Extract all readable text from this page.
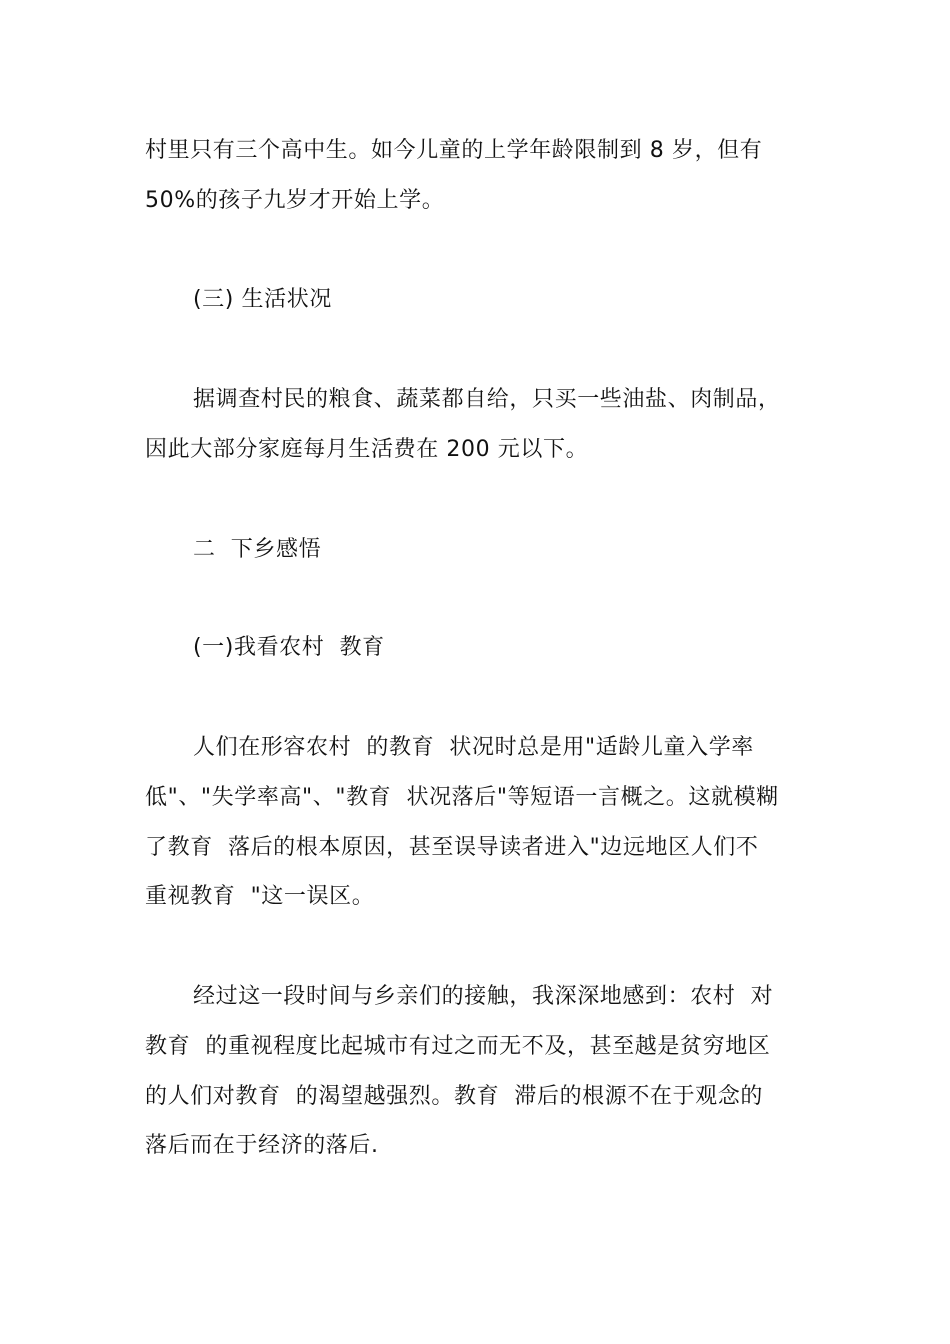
村里只有三个高中生。如今儿童的上学年龄限制到 8 岁，但有
50%的孩子九岁才开始上学。
(三) 生活状况
据调查村民的粮食、蔬菜都自给，只买一些油盐、肉制品，
因此大部分家庭每月生活费在 200 元以下。
二  下乡感悟
(一)我看农村  教育
人们在形容农村  的教育  状况时总是用"适龄儿童入学率
低"、"失学率高"、"教育  状况落后"等短语一言概之。这就模糊
了教育  落后的根本原因，甚至误导读者进入"边远地区人们不
重视教育  "这一误区。
经过这一段时间与乡亲们的接触，我深深地感到：农村  对
教育  的重视程度比起城市有过之而无不及，甚至越是贫穷地区
的人们对教育  的渴望越强烈。教育  滞后的根源不在于观念的
落后而在于经济的落后.
